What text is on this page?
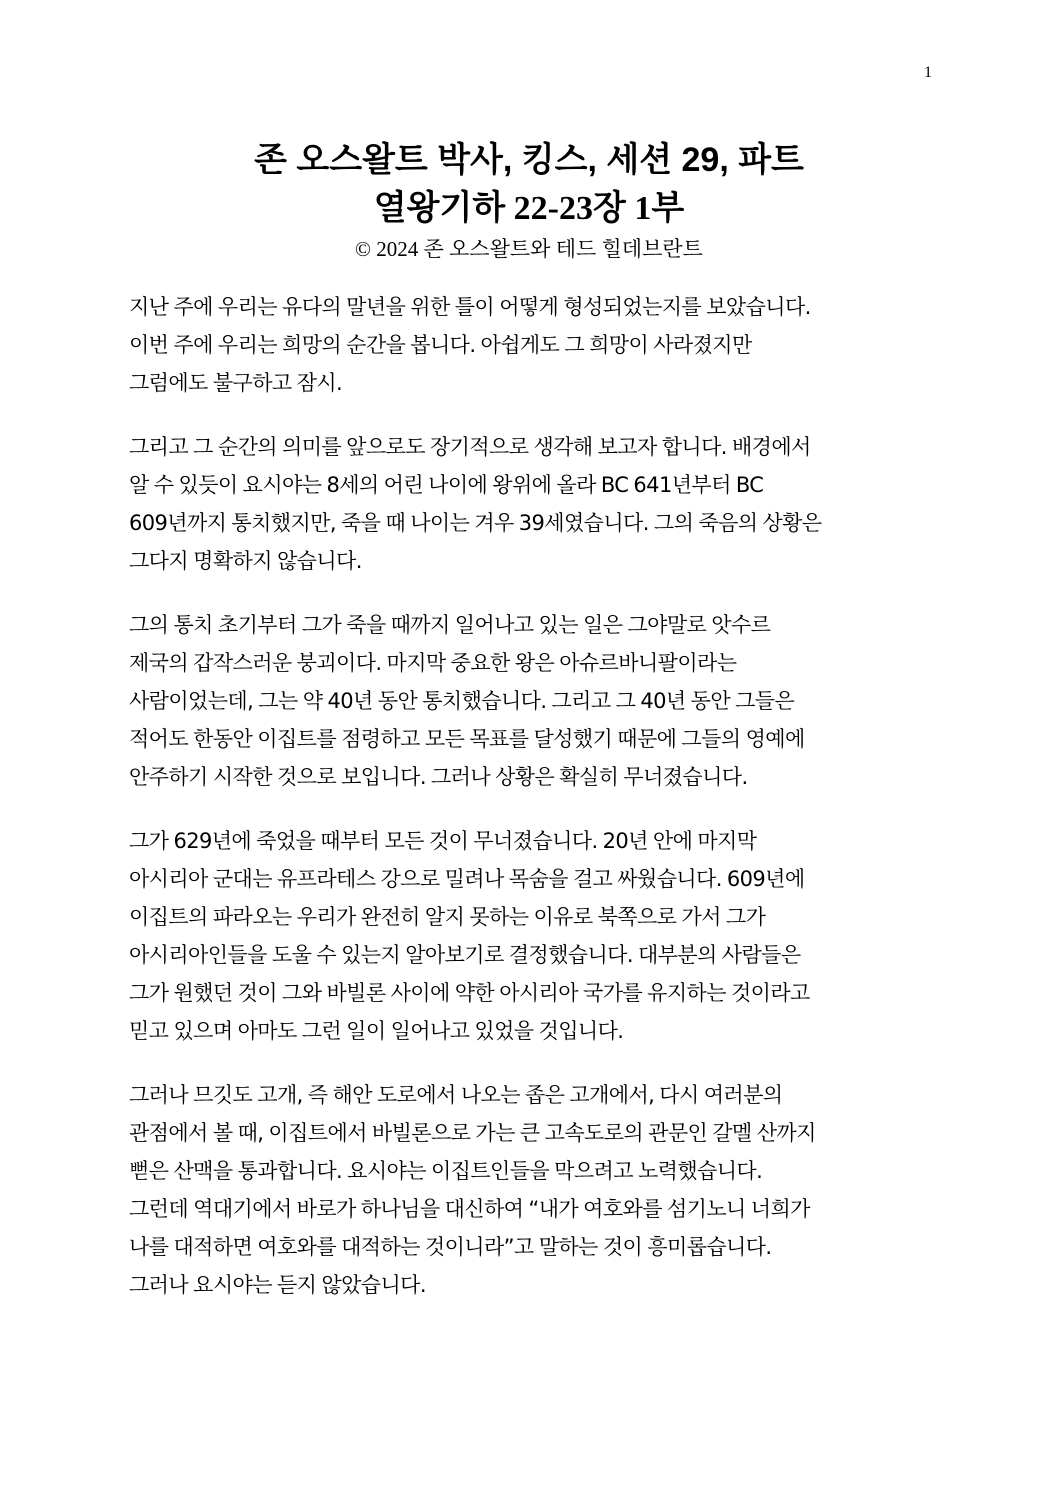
1
존 오스왈트 박사, 킹스, 세션 29, 파트
열왕기하 22-23장 1부
© 2024 존 오스왈트와 테드 힐데브란트
지난 주에 우리는 유다의 말년을 위한 틀이 어떻게 형성되었는지를 보았습니다.
이번 주에 우리는 희망의 순간을 봅니다. 아쉽게도 그 희망이 사라졌지만
그럼에도 불구하고 잠시.
그리고 그 순간의 의미를 앞으로도 장기적으로 생각해 보고자 합니다. 배경에서
알 수 있듯이 요시야는 8세의 어린 나이에 왕위에 올라 BC 641년부터 BC
609년까지 통치했지만, 죽을 때 나이는 겨우 39세였습니다. 그의 죽음의 상황은
그다지 명확하지 않습니다.
그의 통치 초기부터 그가 죽을 때까지 일어나고 있는 일은 그야말로 앗수르
제국의 갑작스러운 붕괴이다. 마지막 중요한 왕은 아슈르바니팔이라는
사람이었는데, 그는 약 40년 동안 통치했습니다. 그리고 그 40년 동안 그들은
적어도 한동안 이집트를 점령하고 모든 목표를 달성했기 때문에 그들의 영예에
안주하기 시작한 것으로 보입니다. 그러나 상황은 확실히 무너졌습니다.
그가 629년에 죽었을 때부터 모든 것이 무너졌습니다. 20년 안에 마지막
아시리아 군대는 유프라테스 강으로 밀려나 목숨을 걸고 싸웠습니다. 609년에
이집트의 파라오는 우리가 완전히 알지 못하는 이유로 북쪽으로 가서 그가
아시리아인들을 도울 수 있는지 알아보기로 결정했습니다. 대부분의 사람들은
그가 원했던 것이 그와 바빌론 사이에 약한 아시리아 국가를 유지하는 것이라고
믿고 있으며 아마도 그런 일이 일어나고 있었을 것입니다.
그러나 므깃도 고개, 즉 해안 도로에서 나오는 좁은 고개에서, 다시 여러분의
관점에서 볼 때, 이집트에서 바빌론으로 가는 큰 고속도로의 관문인 갈멜 산까지
뻗은 산맥을 통과합니다. 요시야는 이집트인들을 막으려고 노력했습니다.
그런데 역대기에서 바로가 하나님을 대신하여 “내가 여호와를 섬기노니 너희가
나를 대적하면 여호와를 대적하는 것이니라”고 말하는 것이 흥미롭습니다.
그러나 요시야는 듣지 않았습니다.
